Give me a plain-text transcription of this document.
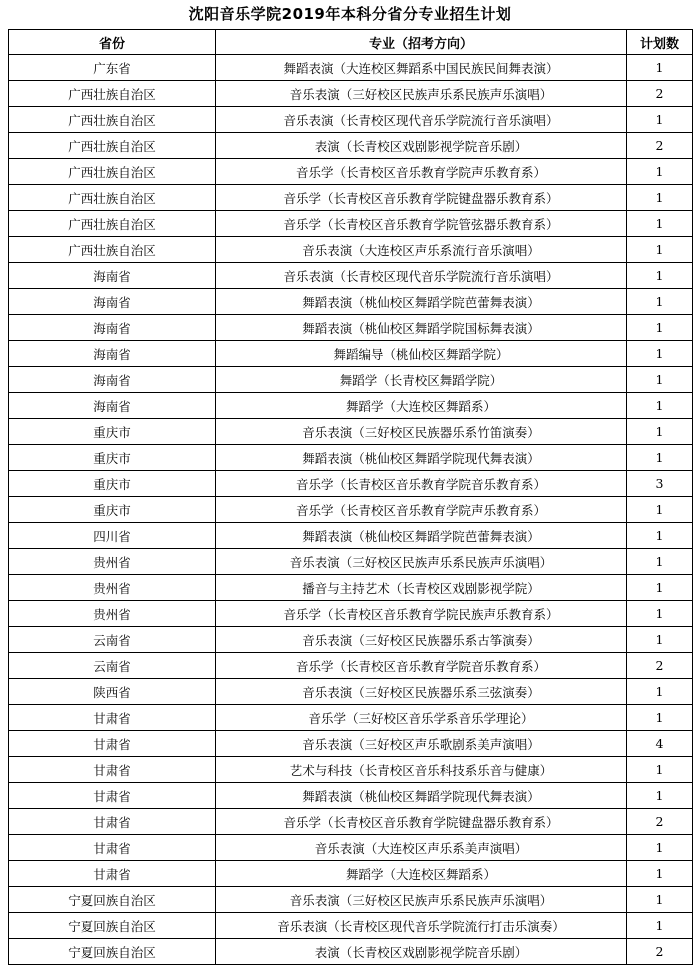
沈阳音乐学院2019年本科分省分专业招生计划
省份	专业（招考方向）	计划数
广东省	舞蹈表演（大连校区舞蹈系中国民族民间舞表演）	1
广西壮族自治区	音乐表演（三好校区民族声乐系民族声乐演唱）	2
广西壮族自治区	音乐表演（长青校区现代音乐学院流行音乐演唱）	1
广西壮族自治区	表演（长青校区戏剧影视学院音乐剧）	2
广西壮族自治区	音乐学（长青校区音乐教育学院声乐教育系）	1
广西壮族自治区	音乐学（长青校区音乐教育学院键盘器乐教育系）	1
广西壮族自治区	音乐学（长青校区音乐教育学院管弦器乐教育系）	1
广西壮族自治区	音乐表演（大连校区声乐系流行音乐演唱）	1
海南省	音乐表演（长青校区现代音乐学院流行音乐演唱）	1
海南省	舞蹈表演（桃仙校区舞蹈学院芭蕾舞表演）	1
海南省	舞蹈表演（桃仙校区舞蹈学院国标舞表演）	1
海南省	舞蹈编导（桃仙校区舞蹈学院）	1
海南省	舞蹈学（长青校区舞蹈学院）	1
海南省	舞蹈学（大连校区舞蹈系）	1
重庆市	音乐表演（三好校区民族器乐系竹笛演奏）	1
重庆市	舞蹈表演（桃仙校区舞蹈学院现代舞表演）	1
重庆市	音乐学（长青校区音乐教育学院音乐教育系）	3
重庆市	音乐学（长青校区音乐教育学院声乐教育系）	1
四川省	舞蹈表演（桃仙校区舞蹈学院芭蕾舞表演）	1
贵州省	音乐表演（三好校区民族声乐系民族声乐演唱）	1
贵州省	播音与主持艺术（长青校区戏剧影视学院）	1
贵州省	音乐学（长青校区音乐教育学院民族声乐教育系）	1
云南省	音乐表演（三好校区民族器乐系古筝演奏）	1
云南省	音乐学（长青校区音乐教育学院音乐教育系）	2
陕西省	音乐表演（三好校区民族器乐系三弦演奏）	1
甘肃省	音乐学（三好校区音乐学系音乐学理论）	1
甘肃省	音乐表演（三好校区声乐歌剧系美声演唱）	4
甘肃省	艺术与科技（长青校区音乐科技系乐音与健康）	1
甘肃省	舞蹈表演（桃仙校区舞蹈学院现代舞表演）	1
甘肃省	音乐学（长青校区音乐教育学院键盘器乐教育系）	2
甘肃省	音乐表演（大连校区声乐系美声演唱）	1
甘肃省	舞蹈学（大连校区舞蹈系）	1
宁夏回族自治区	音乐表演（三好校区民族声乐系民族声乐演唱）	1
宁夏回族自治区	音乐表演（长青校区现代音乐学院流行打击乐演奏）	1
宁夏回族自治区	表演（长青校区戏剧影视学院音乐剧）	2
